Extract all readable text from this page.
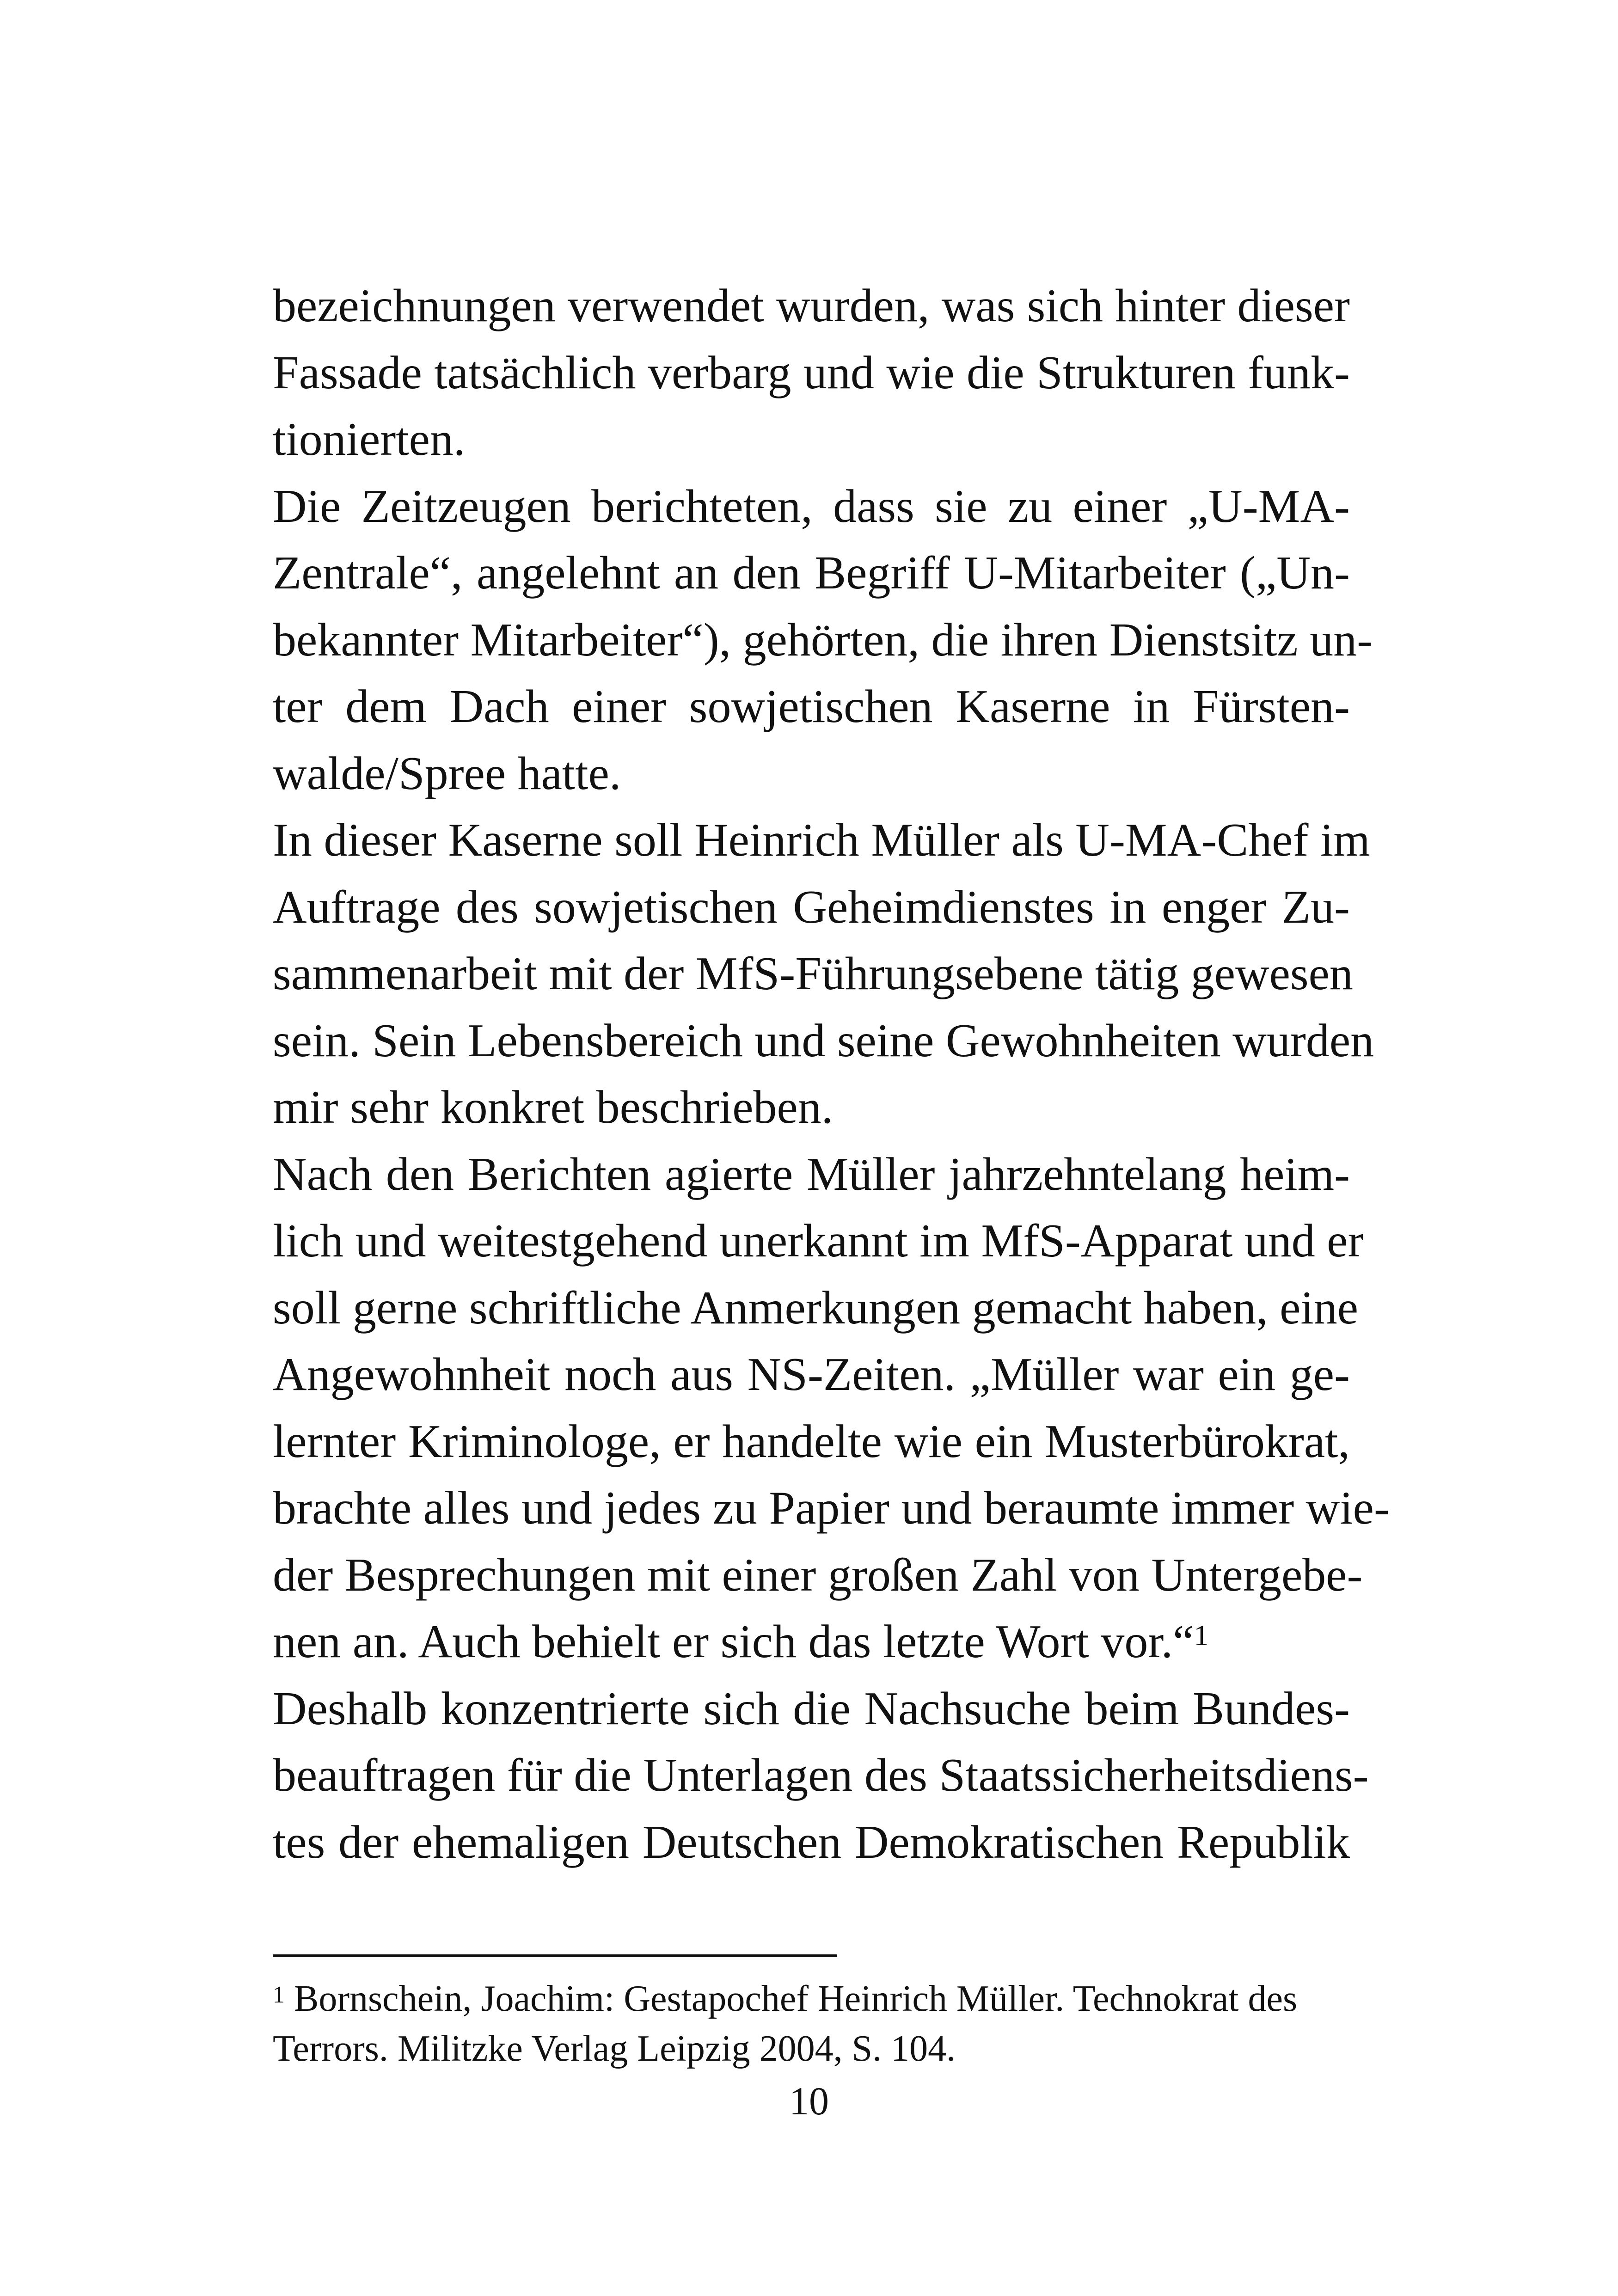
bezeichnungen verwendet wurden, was sich hinter dieser
Fassade tatsächlich verbarg und wie die Strukturen funk-
tionierten.
Die Zeitzeugen berichteten, dass sie zu einer „U-MA-
Zentrale“, angelehnt an den Begriff U-Mitarbeiter („Un-
bekannter Mitarbeiter“), gehörten, die ihren Dienstsitz un-
ter dem Dach einer sowjetischen Kaserne in Fürsten-
walde/Spree hatte.
In dieser Kaserne soll Heinrich Müller als U-MA-Chef im
Auftrage des sowjetischen Geheimdienstes in enger Zu-
sammenarbeit mit der MfS-Führungsebene tätig gewesen
sein. Sein Lebensbereich und seine Gewohnheiten wurden
mir sehr konkret beschrieben.
Nach den Berichten agierte Müller jahrzehntelang heim-
lich und weitestgehend unerkannt im MfS-Apparat und er
soll gerne schriftliche Anmerkungen gemacht haben, eine
Angewohnheit noch aus NS-Zeiten. „Müller war ein ge-
lernter Kriminologe, er handelte wie ein Musterbürokrat,
brachte alles und jedes zu Papier und beraumte immer wie-
der Besprechungen mit einer großen Zahl von Untergebe-
nen an. Auch behielt er sich das letzte Wort vor.“$^1$
Deshalb konzentrierte sich die Nachsuche beim Bundes-
beauftragen für die Unterlagen des Staatssicherheitsdiens-
tes der ehemaligen Deutschen Demokratischen Republik
$^1$ Bornschein, Joachim: Gestapochef Heinrich Müller. Technokrat des
Terrors. Militzke Verlag Leipzig 2004, S. 104.
10
